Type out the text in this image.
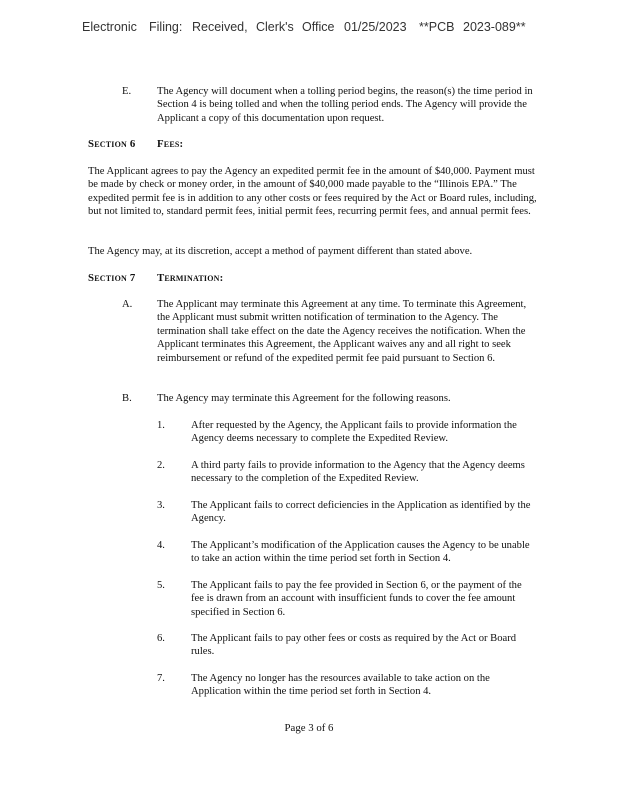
Electronic Filing: Received, Clerk's Office 01/25/2023 **PCB 2023-089**
E.	The Agency will document when a tolling period begins, the reason(s) the time period in Section 4 is being tolled and when the tolling period ends. The Agency will provide the Applicant a copy of this documentation upon request.
Section 6 Fees:
The Applicant agrees to pay the Agency an expedited permit fee in the amount of $40,000. Payment must be made by check or money order, in the amount of $40,000 made payable to the “Illinois EPA.” The expedited permit fee is in addition to any other costs or fees required by the Act or Board rules, including, but not limited to, standard permit fees, initial permit fees, recurring permit fees, and annual permit fees.
The Agency may, at its discretion, accept a method of payment different than stated above.
Section 7 Termination:
A.	The Applicant may terminate this Agreement at any time. To terminate this Agreement, the Applicant must submit written notification of termination to the Agency. The termination shall take effect on the date the Agency receives the notification. When the Applicant terminates this Agreement, the Applicant waives any and all right to seek reimbursement or refund of the expedited permit fee paid pursuant to Section 6.
B.	The Agency may terminate this Agreement for the following reasons.
1.	After requested by the Agency, the Applicant fails to provide information the Agency deems necessary to complete the Expedited Review.
2.	A third party fails to provide information to the Agency that the Agency deems necessary to the completion of the Expedited Review.
3.	The Applicant fails to correct deficiencies in the Application as identified by the Agency.
4.	The Applicant’s modification of the Application causes the Agency to be unable to take an action within the time period set forth in Section 4.
5.	The Applicant fails to pay the fee provided in Section 6, or the payment of the fee is drawn from an account with insufficient funds to cover the fee amount specified in Section 6.
6.	The Applicant fails to pay other fees or costs as required by the Act or Board rules.
7.	The Agency no longer has the resources available to take action on the Application within the time period set forth in Section 4.
Page 3 of 6
